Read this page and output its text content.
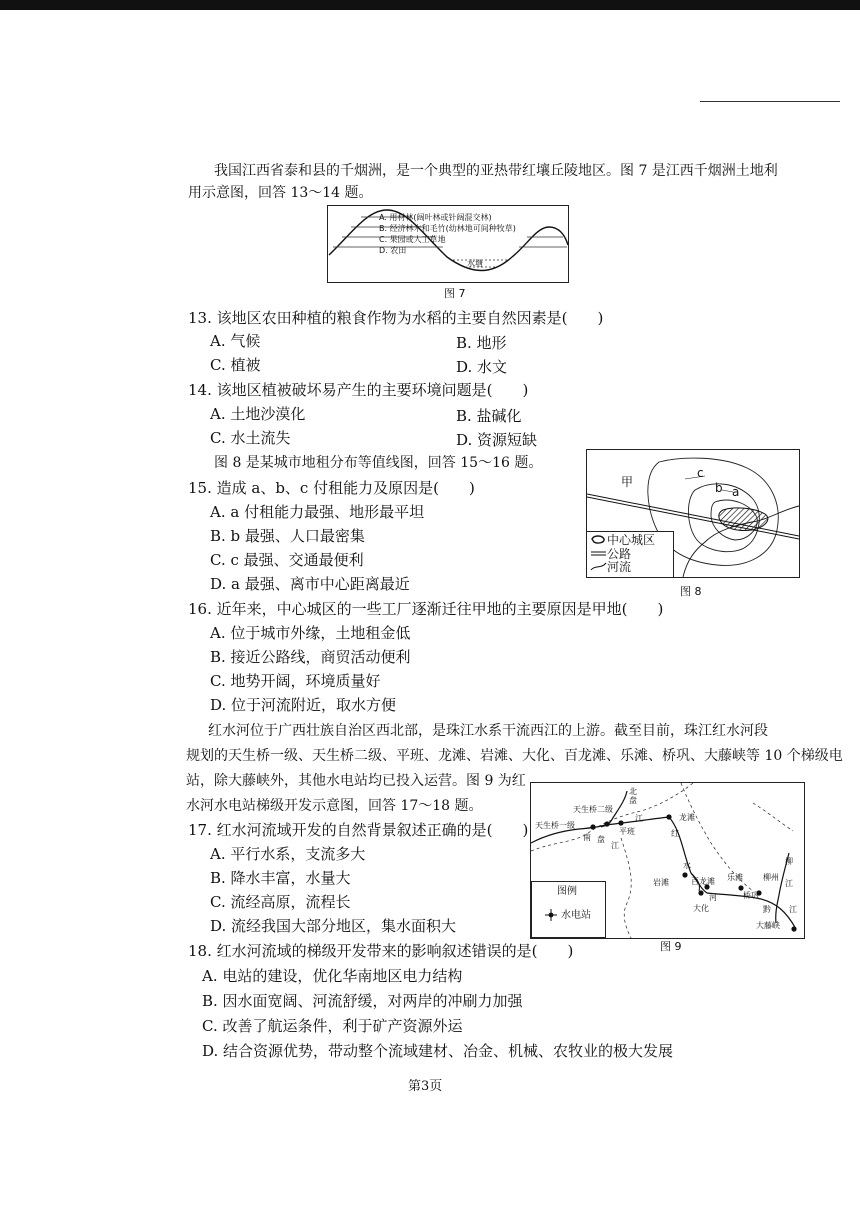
我国江西省泰和县的千烟洲，是一个典型的亚热带红壤丘陵地区。图 7 是江西千烟洲土地利
用示意图，回答 13～14 题。
A. 用材林(阔叶林或针阔混交林)
B. 经济林木和毛竹(幼林地可间种牧草)
C. 果园或人工草地
D. 农田
水塘
图 7
13. 该地区农田种植的粮食作物为水稻的主要自然因素是(　　)
A. 气候	B. 地形
C. 植被	D. 水文
14. 该地区植被破坏易产生的主要环境问题是(　　)
A. 土地沙漠化	B. 盐碱化
C. 水土流失	D. 资源短缺
图 8 是某城市地租分布等值线图，回答 15～16 题。
甲
c
b a
中心城区
公路
河流
图 8
15. 造成 a、b、c 付租能力及原因是(　　)
A. a 付租能力最强、地形最平坦
B. b 最强、人口最密集
C. c 最强、交通最便利
D. a 最强、离市中心距离最近
16. 近年来，中心城区的一些工厂逐渐迁往甲地的主要原因是甲地(　　)
A. 位于城市外缘，土地租金低
B. 接近公路线，商贸活动便利
C. 地势开阔，环境质量好
D. 位于河流附近，取水方便
红水河位于广西壮族自治区西北部，是珠江水系干流西江的上游。截至目前，珠江红水河段
规划的天生桥一级、天生桥二级、平班、龙滩、岩滩、大化、百龙滩、乐滩、桥巩、大藤峡等 10 个梯级电
站，除大藤峡外，其他水电站均已投入运营。图 9 为红
水河水电站梯级开发示意图，回答 17～18 题。
天生桥一级
天生桥二级
平班
龙滩
岩滩	百龙滩
大化
乐滩
桥巩
大藤峡
北
盘
江
南 盘
江
红
水
河
柳
江
黔 江
柳州
图例
水电站
图 9
17. 红水河流域开发的自然背景叙述正确的是(　　)
A. 平行水系，支流多大
B. 降水丰富，水量大
C. 流经高原，流程长
D. 流经我国大部分地区，集水面积大
18. 红水河流域的梯级开发带来的影响叙述错误的是(　　)
A. 电站的建设，优化华南地区电力结构
B. 因水面宽阔、河流舒缓，对两岸的冲刷力加强
C. 改善了航运条件，利于矿产资源外运
D. 结合资源优势，带动整个流域建材、冶金、机械、农牧业的极大发展
第3页
